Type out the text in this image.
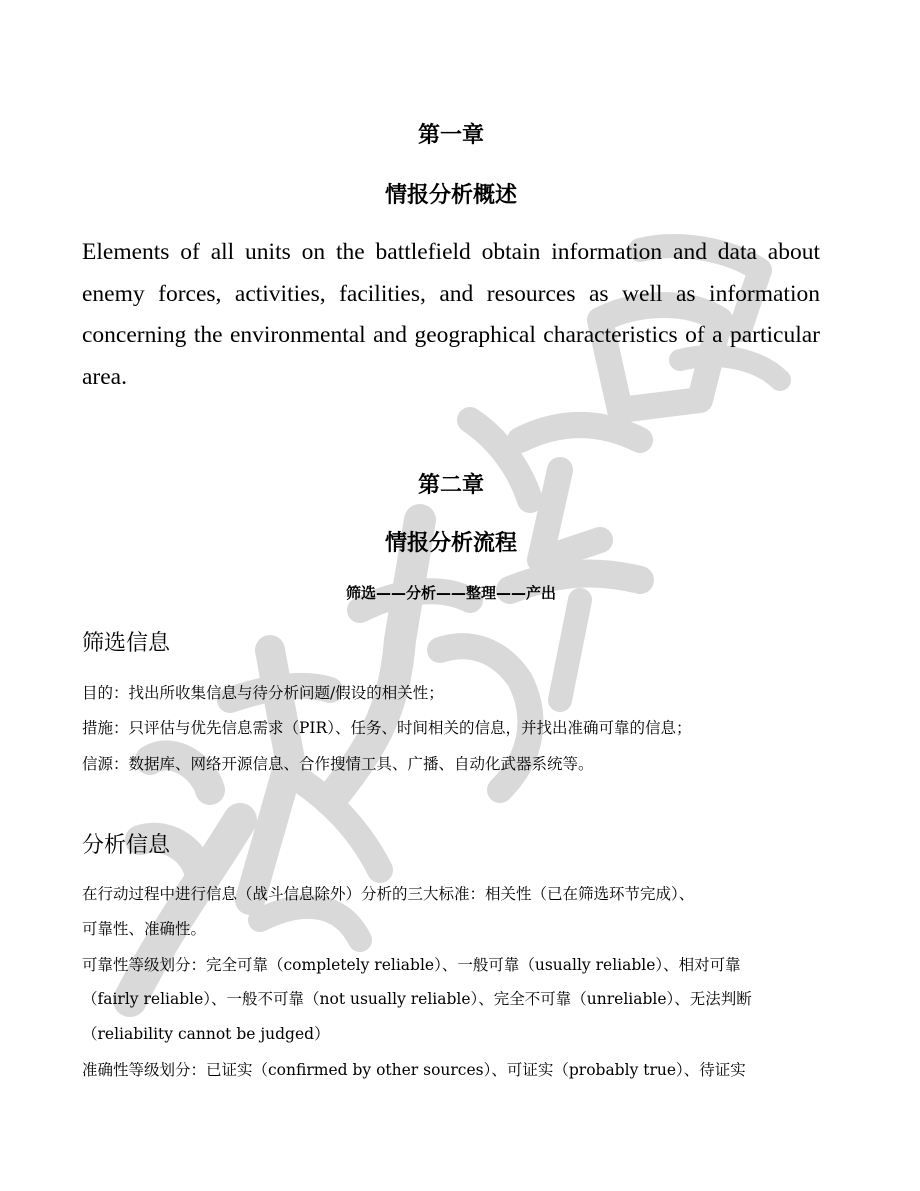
第一章
情报分析概述

Elements of all units on the battlefield obtain information and data about enemy forces, activities, facilities, and resources as well as information concerning the environmental and geographical characteristics of a particular area.

第二章
情报分析流程
筛选——分析——整理——产出
筛选信息
目的：找出所收集信息与待分析问题/假设的相关性；
措施：只评估与优先信息需求（PIR）、任务、时间相关的信息，并找出准确可靠的信息；
信源：数据库、网络开源信息、合作搜情工具、广播、自动化武器系统等。
分析信息
在行动过程中进行信息（战斗信息除外）分析的三大标准：相关性（已在筛选环节完成）、
可靠性、准确性。
可靠性等级划分：完全可靠（completely reliable）、一般可靠（usually reliable）、相对可靠
（fairly reliable）、一般不可靠（not usually reliable）、完全不可靠（unreliable）、无法判断
（reliability cannot be judged）
准确性等级划分：已证实（confirmed by other sources）、可证实（probably true）、待证实
